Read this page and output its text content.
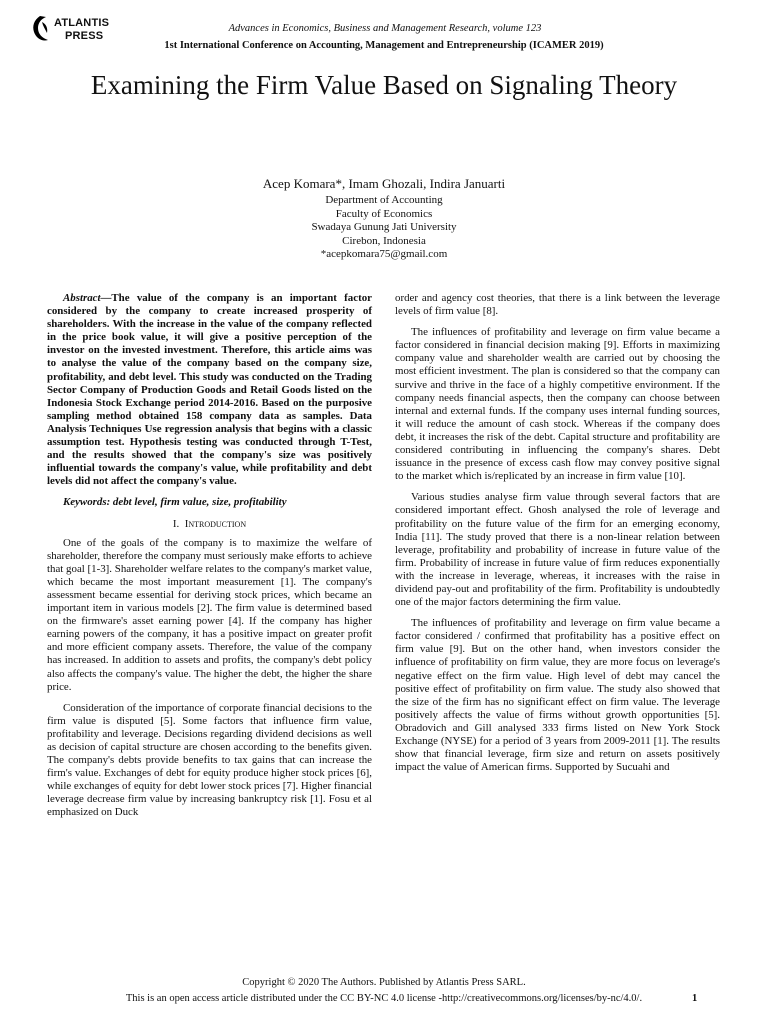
ATLANTIS
PRESS
Advances in Economics, Business and Management Research, volume 123
1st International Conference on Accounting, Management and Entrepreneurship (ICAMER 2019)
Examining the Firm Value Based on Signaling Theory
Acep Komara*, Imam Ghozali, Indira Januarti
Department of Accounting
Faculty of Economics
Swadaya Gunung Jati University
Cirebon, Indonesia
*acepkomara75@gmail.com

Abstract—The value of the company is an important factor considered by the company to create increased prosperity of shareholders. With the increase in the value of the company reflected in the price book value, it will give a positive perception of the investor on the invested investment. Therefore, this article aims was to analyse the value of the company based on the company size, profitability, and debt level. This study was conducted on the Trading Sector Company of Production Goods and Retail Goods listed on the Indonesia Stock Exchange period 2014-2016. Based on the purposive sampling method obtained 158 company data as samples. Data Analysis Techniques Use regression analysis that begins with a classic assumption test. Hypothesis testing was conducted through T-Test, and the results showed that the company's size was positively influential towards the company's value, while profitability and debt levels did not affect the company's value.

Keywords: debt level, firm value, size, profitability

I. Introduction

One of the goals of the company is to maximize the welfare of shareholder, therefore the company must seriously make efforts to achieve that goal [1-3]. Shareholder welfare relates to the company's market value, which became the most important measurement [1]. The company's assessment became essential for deriving stock prices, which became an important item in various models [2]. The firm value is determined based on the firmware's asset earning power [4]. If the company has higher earning powers of the company, it has a positive impact on greater profit and more efficient company assets. Therefore, the value of the company has increased. In addition to assets and profits, the company's debt policy also affects the company's value. The higher the debt, the higher the share price.

Consideration of the importance of corporate financial decisions to the firm value is disputed [5]. Some factors that influence firm value, profitability and leverage. Decisions regarding dividend decisions as well as decision of capital structure are chosen according to the benefits given. The company's debts provide benefits to tax gains that can increase the firm's value. Exchanges of debt for equity produce higher stock prices [6], while exchanges of equity for debt lower stock prices [7]. Higher financial leverage decrease firm value by increasing bankruptcy risk [1]. Fosu et al emphasized on Duck

order and agency cost theories, that there is a link between the leverage levels of firm value [8].

The influences of profitability and leverage on firm value became a factor considered in financial decision making [9]. Efforts in maximizing company value and shareholder wealth are carried out by choosing the most efficient investment. The plan is considered so that the company can survive and thrive in the face of a highly competitive environment. If the company needs financial aspects, then the company can choose between internal and external funds. If the company uses internal funding sources, it will reduce the amount of cash stock. Whereas if the company does debt, it increases the risk of the debt. Capital structure and profitability are considered contributing in influencing the company's shares. Debt issuance in the presence of excess cash flow may convey positive signal to the market which is/replicated by an increase in firm value [10].

Various studies analyse firm value through several factors that are considered important effect. Ghosh analysed the role of leverage and profitability on the future value of the firm for an emerging economy, India [11]. The study proved that there is a non-linear relation between leverage, profitability and probability of increase in future value of the firm. Probability of increase in future value of firm reduces exponentially with the increase in leverage, whereas, it increases with the raise in dividend pay-out and profitability of the firm. Profitability is undoubtedly one of the major factors determining the firm value.

The influences of profitability and leverage on firm value became a factor considered / confirmed that profitability has a positive effect on firm value [9]. But on the other hand, when investors consider the influence of profitability on firm value, they are more focus on leverage's negative effect on the firm value. High level of debt may cancel the positive effect of profitability on firm value. The study also showed that the size of the firm has no significant effect on firm value. The leverage positively affects the value of firms without growth opportunities [5]. Obradovich and Gill analysed 333 firms listed on New York Stock Exchange (NYSE) for a period of 3 years from 2009-2011 [1]. The results show that financial leverage, firm size and return on assets positively impact the value of American firms. Supported by Sucuahi and

Copyright © 2020 The Authors. Published by Atlantis Press SARL.
This is an open access article distributed under the CC BY-NC 4.0 license -http://creativecommons.org/licenses/by-nc/4.0/.	1
